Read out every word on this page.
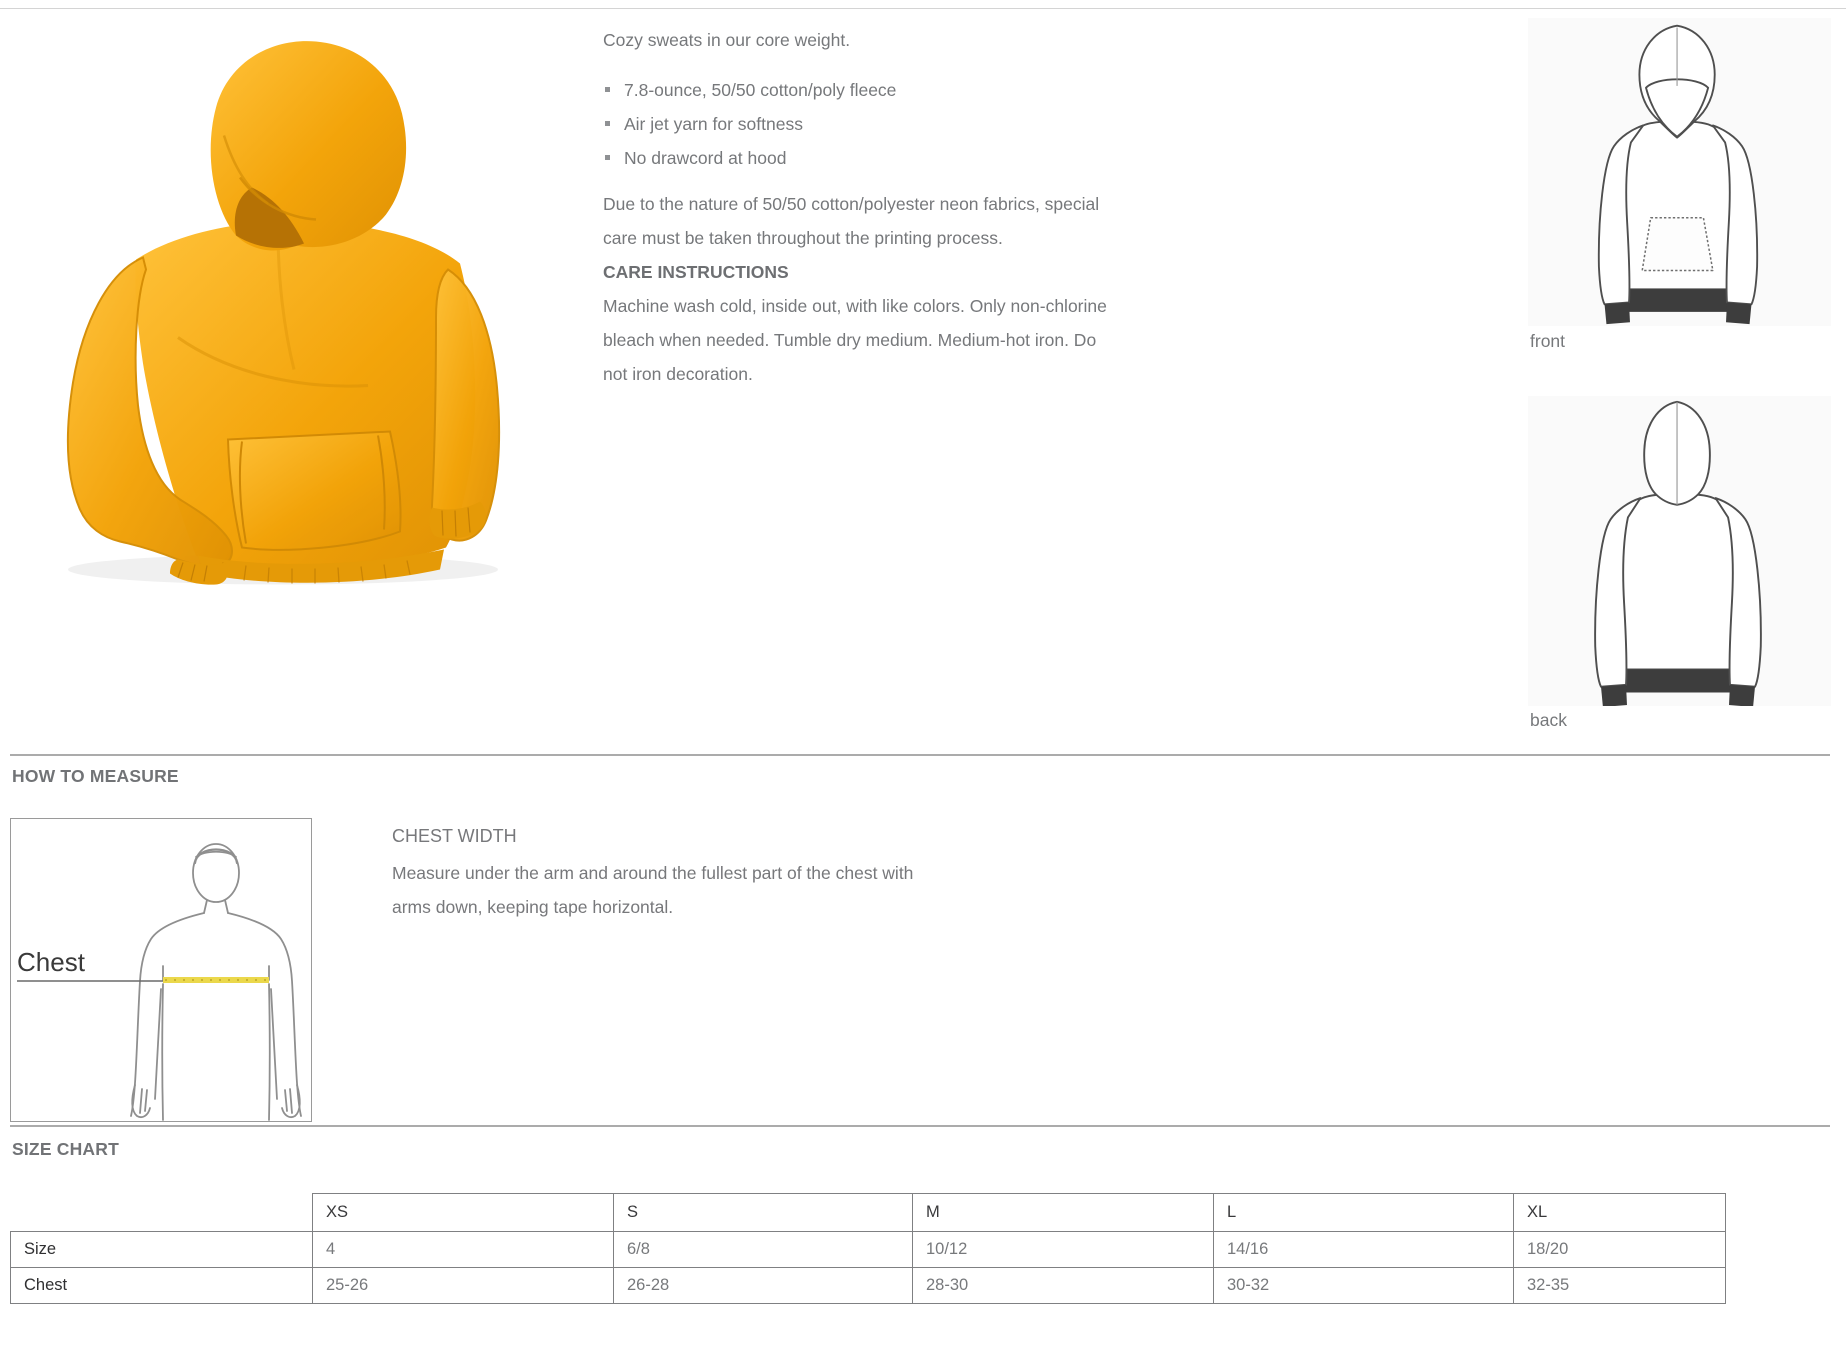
Cozy sweats in our core weight.

7.8-ounce, 50/50 cotton/poly fleece
Air jet yarn for softness
No drawcord at hood

Due to the nature of 50/50 cotton/polyester neon fabrics, special care must be taken throughout the printing process.

CARE INSTRUCTIONS

Machine wash cold, inside out, with like colors. Only non-chlorine bleach when needed. Tumble dry medium. Medium-hot iron. Do not iron decoration.

front
back
HOW TO MEASURE
Chest
CHEST WIDTH
Measure under the arm and around the fullest part of the chest with arms down, keeping tape horizontal.
SIZE CHART
	XS	S	M	L	XL
Size	4	6/8	10/12	14/16	18/20
Chest	25-26	26-28	28-30	30-32	32-35
